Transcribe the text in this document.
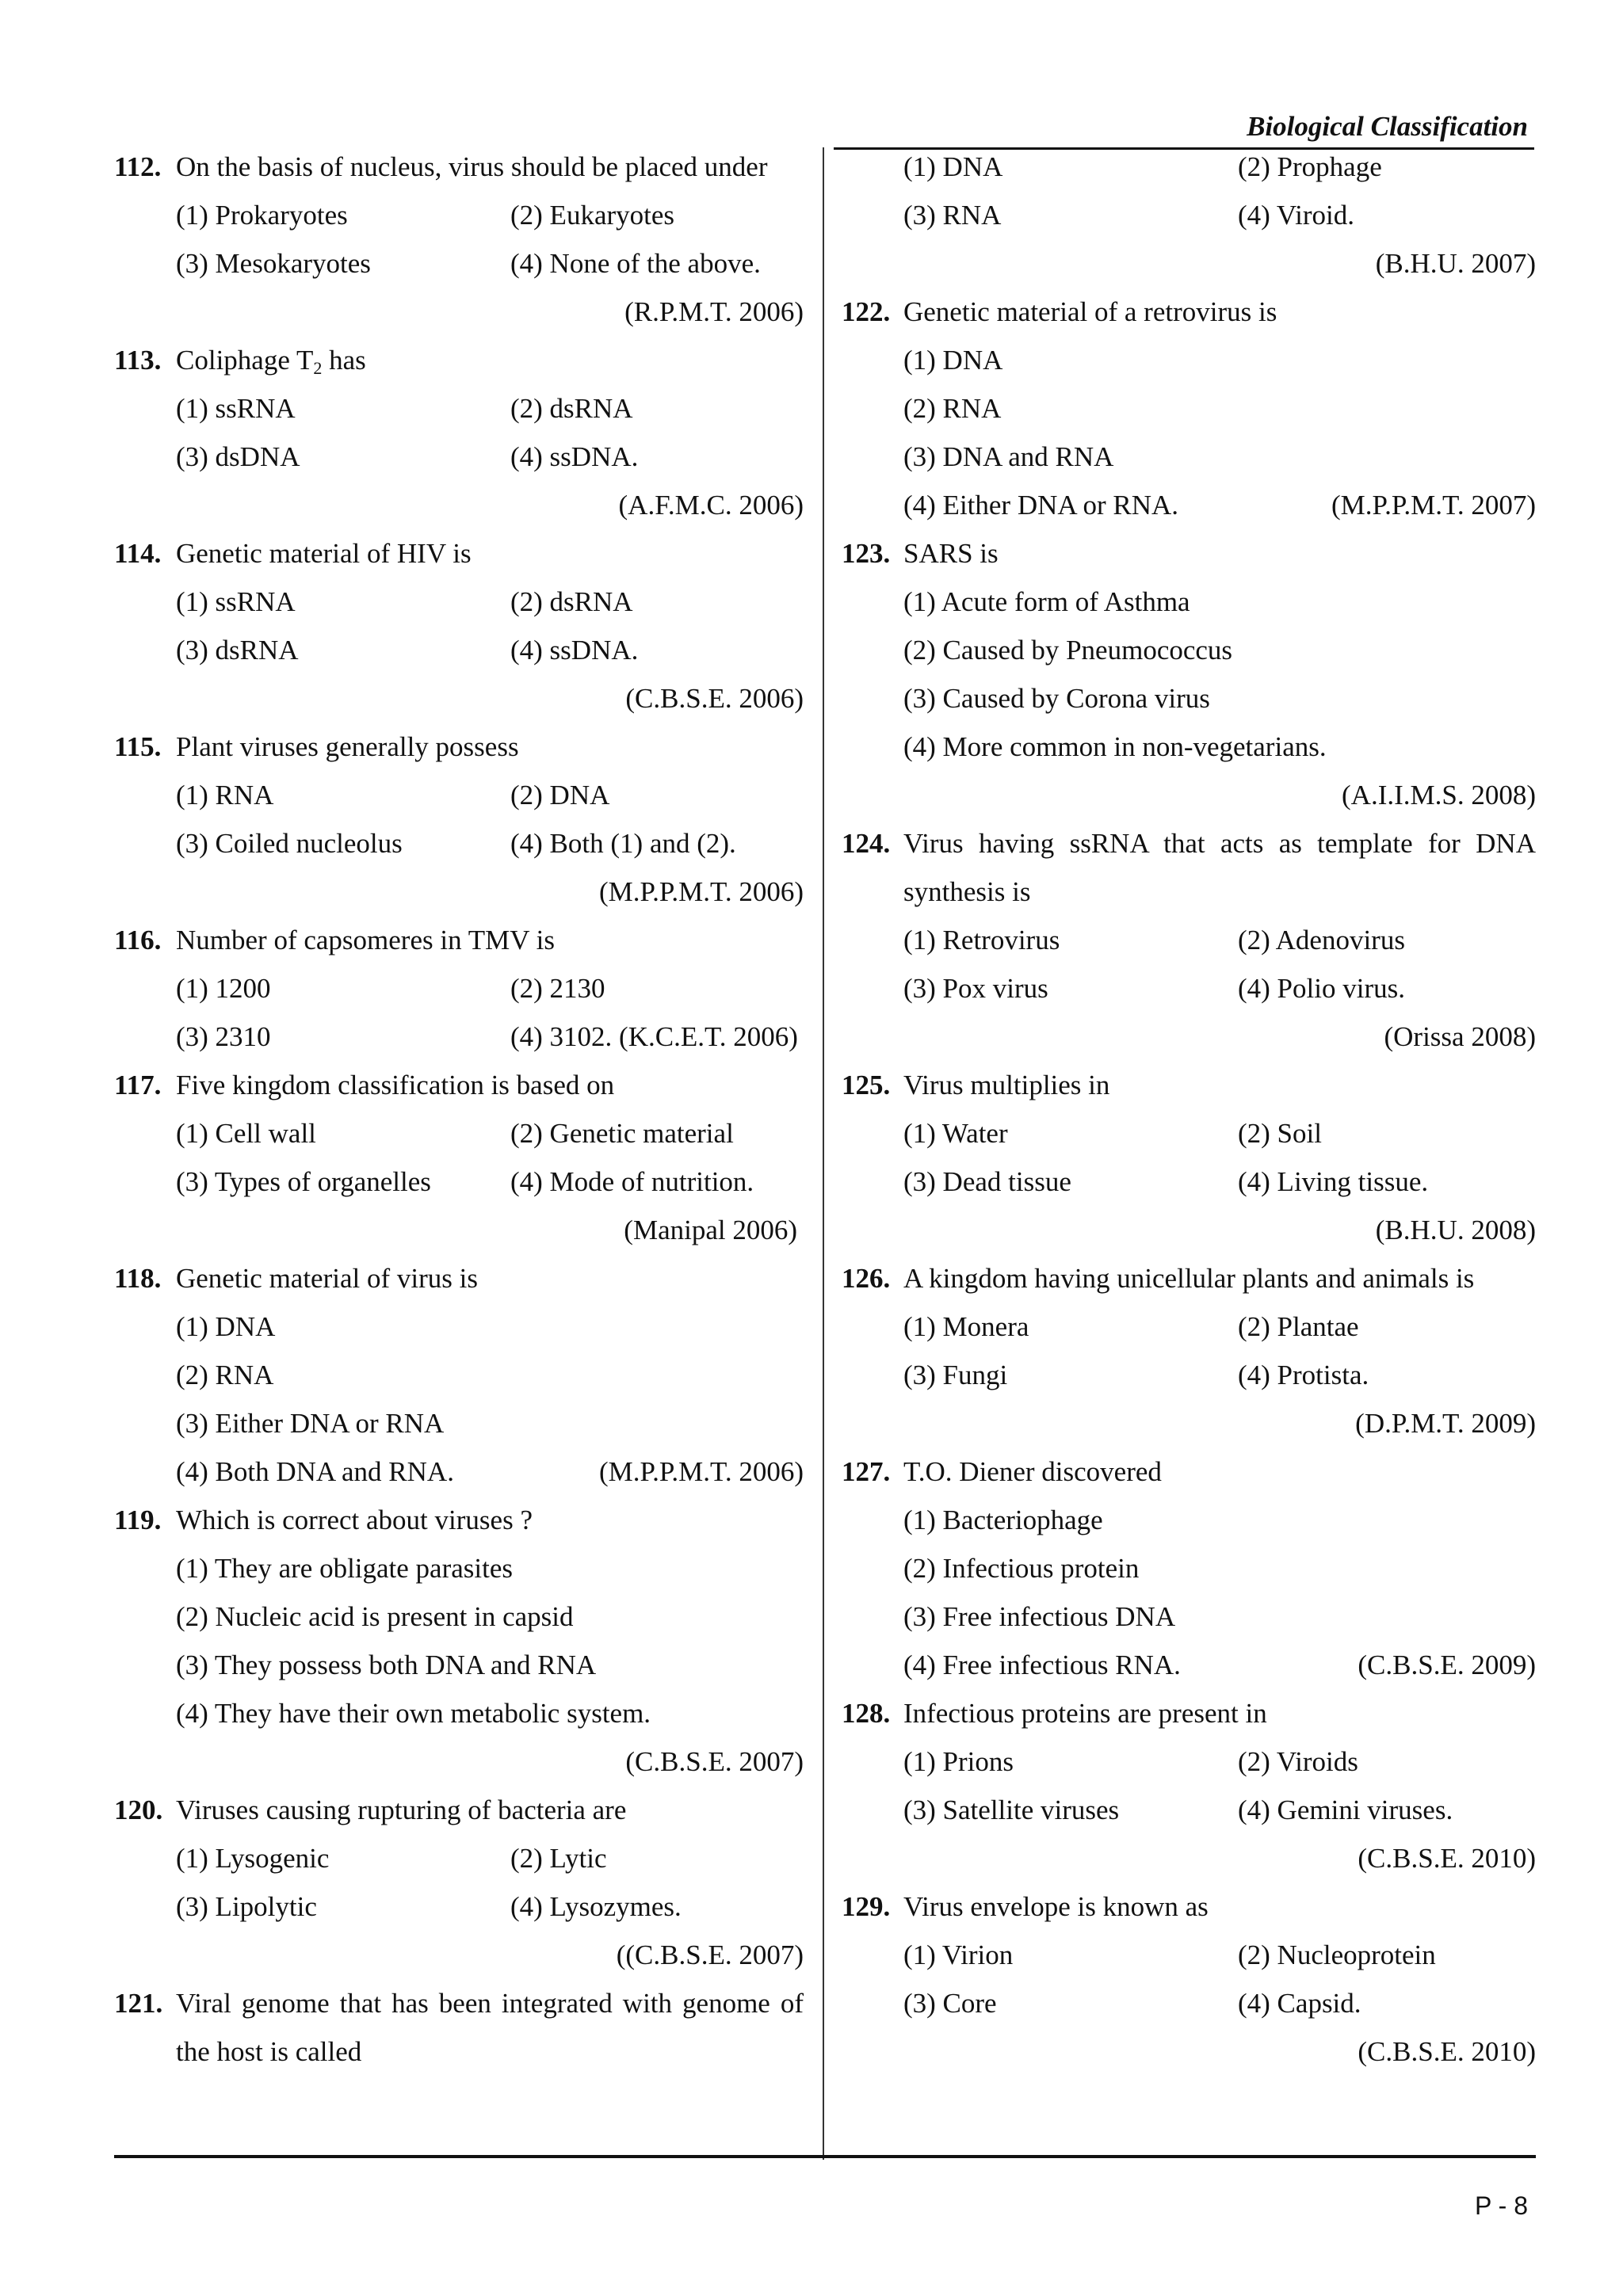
Biological Classification
112. On the basis of nucleus, virus should be placed under
(1) Prokaryotes	(2) Eukaryotes
(3) Mesokaryotes	(4) None of the above.
(R.P.M.T. 2006)
113. Coliphage $T_2$ has
(1) ssRNA	(2) dsRNA
(3) dsDNA	(4) ssDNA.
(A.F.M.C. 2006)
114. Genetic material of HIV is
(1) ssRNA	(2) dsRNA
(3) dsRNA	(4) ssDNA.
(C.B.S.E. 2006)
115. Plant viruses generally possess
(1) RNA	(2) DNA
(3) Coiled nucleolus	(4) Both (1) and (2).
(M.P.P.M.T. 2006)
116. Number of capsomeres in TMV is
(1) 1200	(2) 2130
(3) 2310	(4) 3102. (K.C.E.T. 2006)
117. Five kingdom classification is based on
(1) Cell wall	(2) Genetic material
(3) Types of organelles	(4) Mode of nutrition.
(Manipal 2006)
118. Genetic material of virus is
(1) DNA
(2) RNA
(3) Either DNA or RNA
(4) Both DNA and RNA.	(M.P.P.M.T. 2006)
119. Which is correct about viruses ?
(1) They are obligate parasites
(2) Nucleic acid is present in capsid
(3) They possess both DNA and RNA
(4) They have their own metabolic system.
(C.B.S.E. 2007)
120. Viruses causing rupturing of bacteria are
(1) Lysogenic	(2) Lytic
(3) Lipolytic	(4) Lysozymes.
((C.B.S.E. 2007)
121. Viral genome that has been integrated with genome of the host is called
(1) DNA	(2) Prophage
(3) RNA	(4) Viroid.
(B.H.U. 2007)
122. Genetic material of a retrovirus is
(1) DNA
(2) RNA
(3) DNA and RNA
(4) Either DNA or RNA.	(M.P.P.M.T. 2007)
123. SARS is
(1) Acute form of Asthma
(2) Caused by Pneumococcus
(3) Caused by Corona virus
(4) More common in non-vegetarians.
(A.I.I.M.S. 2008)
124. Virus having ssRNA that acts as template for DNA synthesis is
(1) Retrovirus	(2) Adenovirus
(3) Pox virus	(4) Polio virus.
(Orissa 2008)
125. Virus multiplies in
(1) Water	(2) Soil
(3) Dead tissue	(4) Living tissue.
(B.H.U. 2008)
126. A kingdom having unicellular plants and animals is
(1) Monera	(2) Plantae
(3) Fungi	(4) Protista.
(D.P.M.T. 2009)
127. T.O. Diener discovered
(1) Bacteriophage
(2) Infectious protein
(3) Free infectious DNA
(4) Free infectious RNA.	(C.B.S.E. 2009)
128. Infectious proteins are present in
(1) Prions	(2) Viroids
(3) Satellite viruses	(4) Gemini viruses.
(C.B.S.E. 2010)
129. Virus envelope is known as
(1) Virion	(2) Nucleoprotein
(3) Core	(4) Capsid.
(C.B.S.E. 2010)
P - 8
